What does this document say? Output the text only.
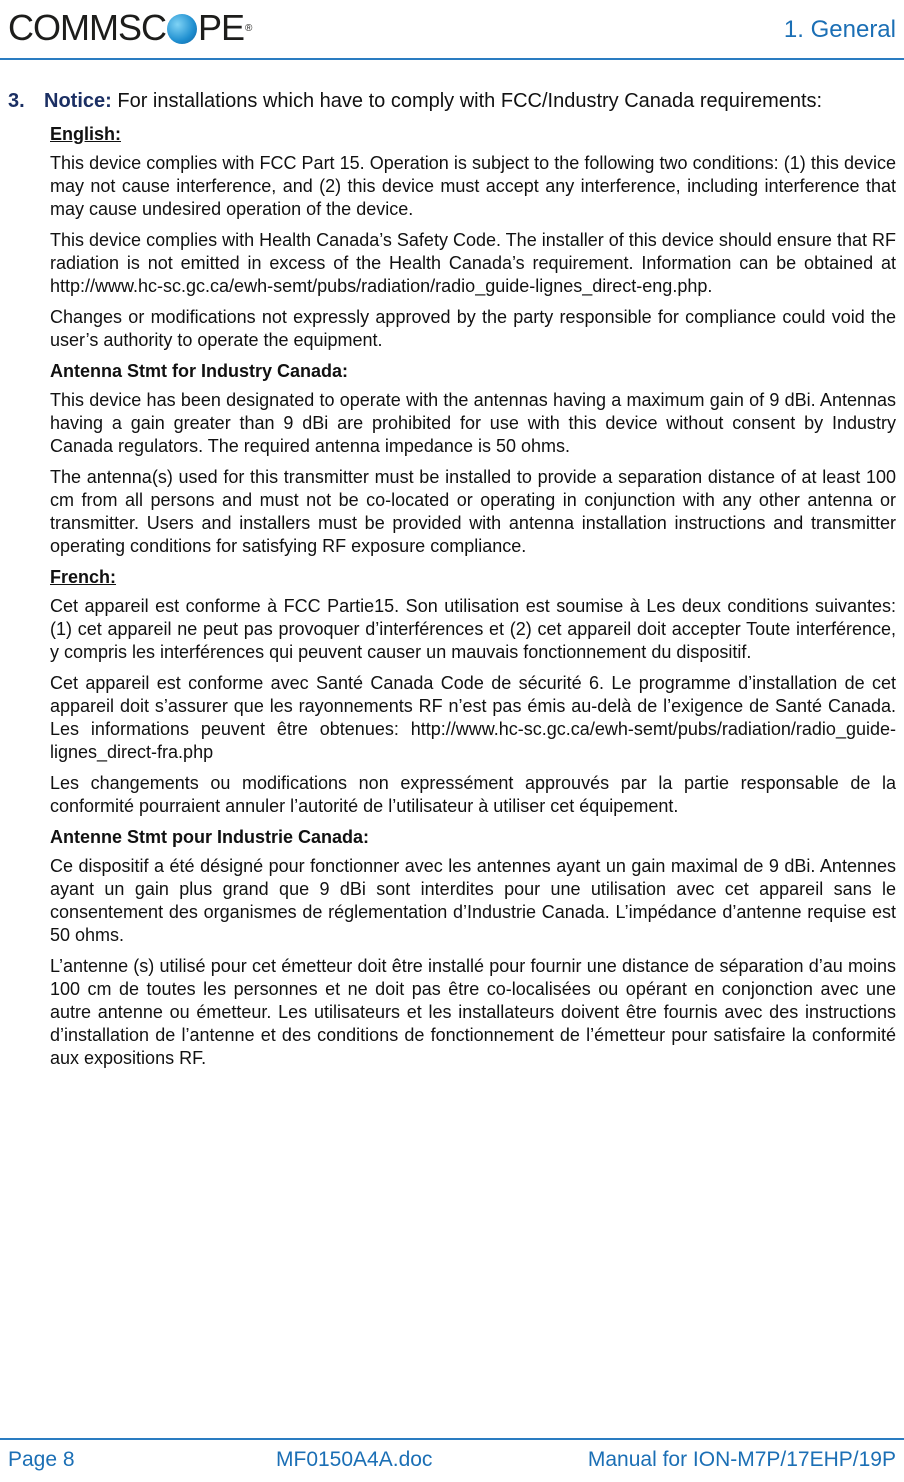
COMMSC PE ®	1. General
3. Notice: For installations which have to comply with FCC/Industry Canada requirements:
English:

This device complies with FCC Part 15. Operation is subject to the following two conditions: (1) this device may not cause interference, and (2) this device must accept any interference, including interference that may cause undesired operation of the device.

This device complies with Health Canada’s Safety Code. The installer of this device should ensure that RF radiation is not emitted in excess of the Health Canada’s requirement. Information can be obtained at http://www.hc-sc.gc.ca/ewh-semt/pubs/radiation/radio_guide-lignes_direct-eng.php.

Changes or modifications not expressly approved by the party responsible for compliance could void the user’s authority to operate the equipment.

Antenna Stmt for Industry Canada:

This device has been designated to operate with the antennas having a maximum gain of 9 dBi. Antennas having a gain greater than 9 dBi are prohibited for use with this device without consent by Industry Canada regulators. The required antenna impedance is 50 ohms.

The antenna(s) used for this transmitter must be installed to provide a separation distance of at least 100 cm from all persons and must not be co-located or operating in conjunction with any other antenna or transmitter. Users and installers must be provided with antenna installation instructions and transmitter operating conditions for satisfying RF exposure compliance.

French:

Cet appareil est conforme à FCC Partie15. Son utilisation est soumise à Les deux conditions suivantes: (1) cet appareil ne peut pas provoquer d’interférences et (2) cet appareil doit accepter Toute interférence, y compris les interférences qui peuvent causer un mauvais fonctionnement du dispositif.

Cet appareil est conforme avec Santé Canada Code de sécurité 6. Le programme d’installation de cet appareil doit s’assurer que les rayonnements RF n’est pas émis au-delà de l’exigence de Santé Canada. Les informations peuvent être obtenues: http://www.hc-sc.gc.ca/ewh-semt/pubs/radiation/radio_guide-lignes_direct-fra.php

Les changements ou modifications non expressément approuvés par la partie responsable de la conformité pourraient annuler l’autorité de l’utilisateur à utiliser cet équipement.

Antenne Stmt pour Industrie Canada:

Ce dispositif a été désigné pour fonctionner avec les antennes ayant un gain maximal de 9 dBi. Antennes ayant un gain plus grand que 9 dBi sont interdites pour une utilisation avec cet appareil sans le consentement des organismes de réglementation d’Industrie Canada. L’impédance d’antenne requise est 50 ohms.

L’antenne (s) utilisé pour cet émetteur doit être installé pour fournir une distance de séparation d’au moins 100 cm de toutes les personnes et ne doit pas être co-localisées ou opérant en conjonction avec une autre antenne ou émetteur. Les utilisateurs et les installateurs doivent être fournis avec des instructions d’installation de l’antenne et des conditions de fonctionnement de l’émetteur pour satisfaire la conformité aux expositions RF.

Page 8	MF0150A4A.doc	Manual for ION-M7P/17EHP/19P
